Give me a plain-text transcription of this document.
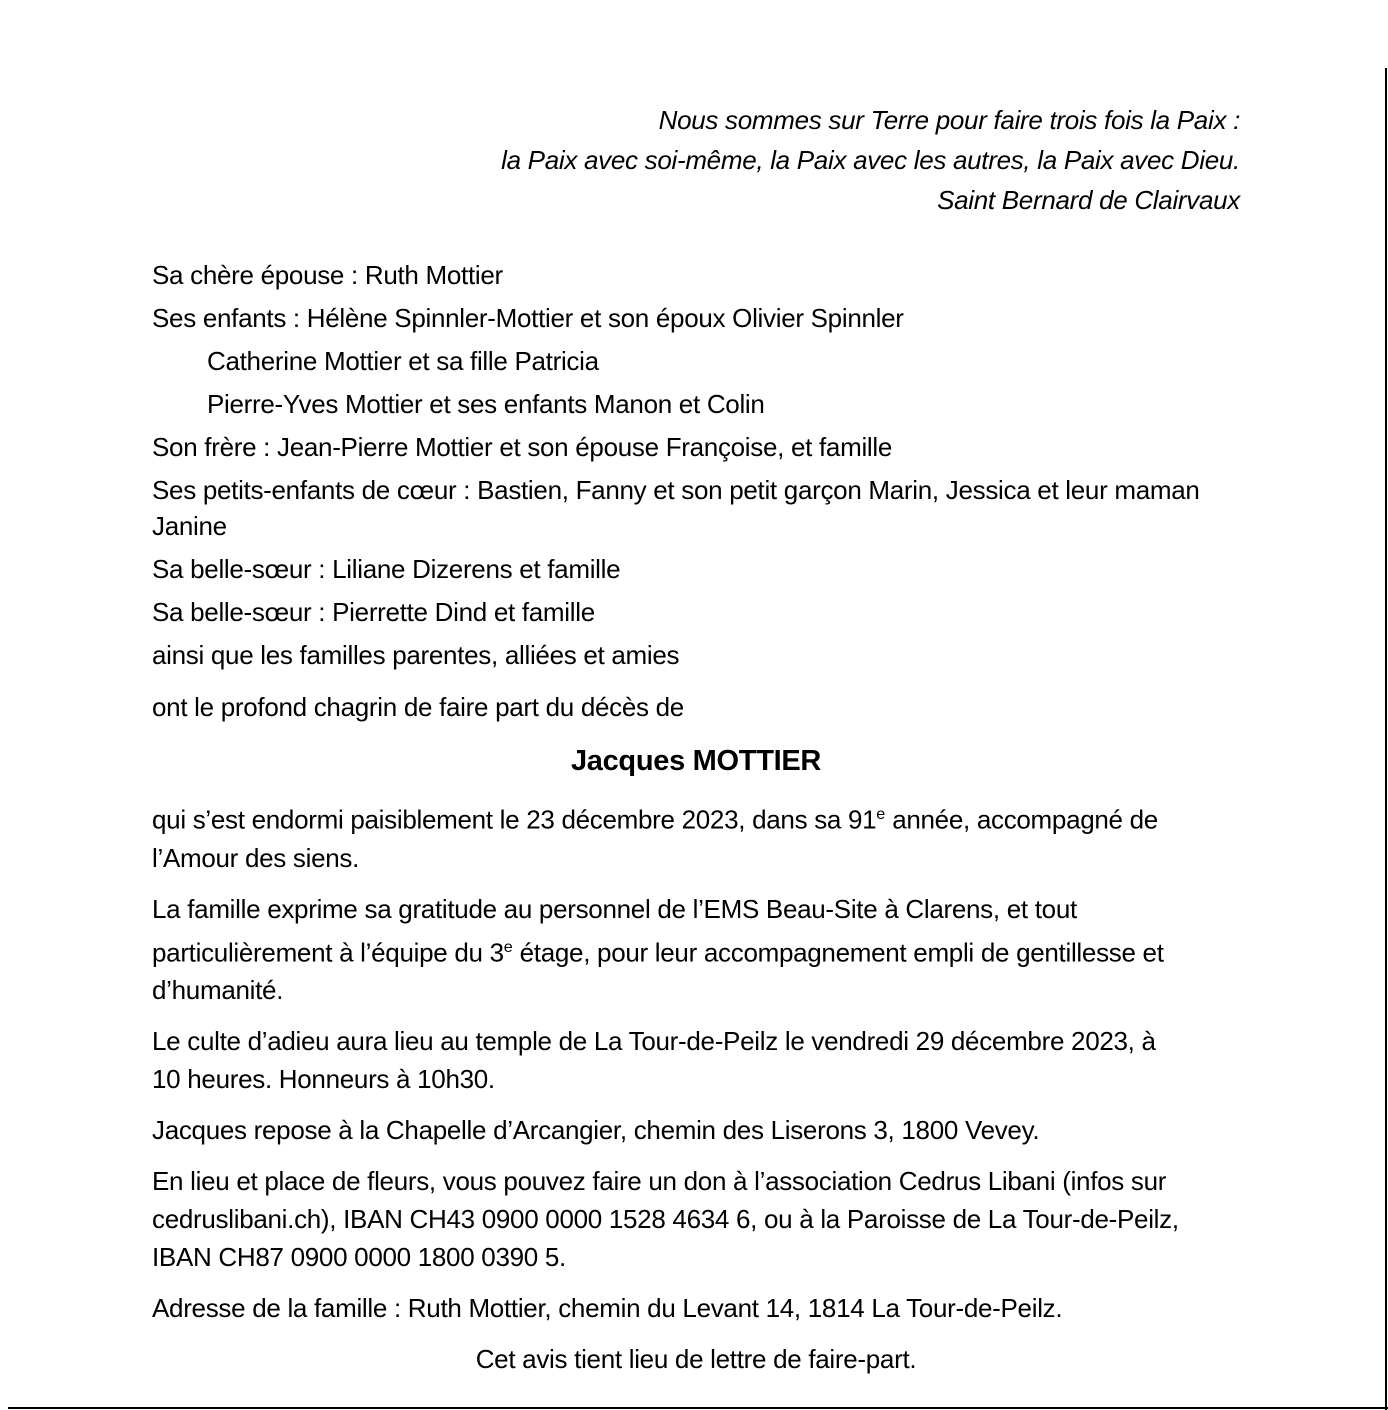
Nous sommes sur Terre pour faire trois fois la Paix :
la Paix avec soi-même, la Paix avec les autres, la Paix avec Dieu.
Saint Bernard de Clairvaux
Sa chère épouse : Ruth Mottier
Ses enfants : Hélène Spinnler-Mottier et son époux Olivier Spinnler
Catherine Mottier et sa fille Patricia
Pierre-Yves Mottier et ses enfants Manon et Colin
Son frère : Jean-Pierre Mottier et son épouse Françoise, et famille
Ses petits-enfants de cœur : Bastien, Fanny et son petit garçon Marin, Jessica et leur maman
Janine
Sa belle-sœur : Liliane Dizerens et famille
Sa belle-sœur : Pierrette Dind et famille
ainsi que les familles parentes, alliées et amies
ont le profond chagrin de faire part du décès de
Jacques MOTTIER
qui s’est endormi paisiblement le 23 décembre 2023, dans sa 91e année, accompagné de
l’Amour des siens.
La famille exprime sa gratitude au personnel de l’EMS Beau-Site à Clarens, et tout
particulièrement à l’équipe du 3e étage, pour leur accompagnement empli de gentillesse et
d’humanité.
Le culte d’adieu aura lieu au temple de La Tour-de-Peilz le vendredi 29 décembre 2023, à
10 heures. Honneurs à 10h30.
Jacques repose à la Chapelle d’Arcangier, chemin des Liserons 3, 1800 Vevey.
En lieu et place de fleurs, vous pouvez faire un don à l’association Cedrus Libani (infos sur
cedruslibani.ch), IBAN CH43 0900 0000 1528 4634 6, ou à la Paroisse de La Tour-de-Peilz,
IBAN CH87 0900 0000 1800 0390 5.
Adresse de la famille : Ruth Mottier, chemin du Levant 14, 1814 La Tour-de-Peilz.
Cet avis tient lieu de lettre de faire-part.
